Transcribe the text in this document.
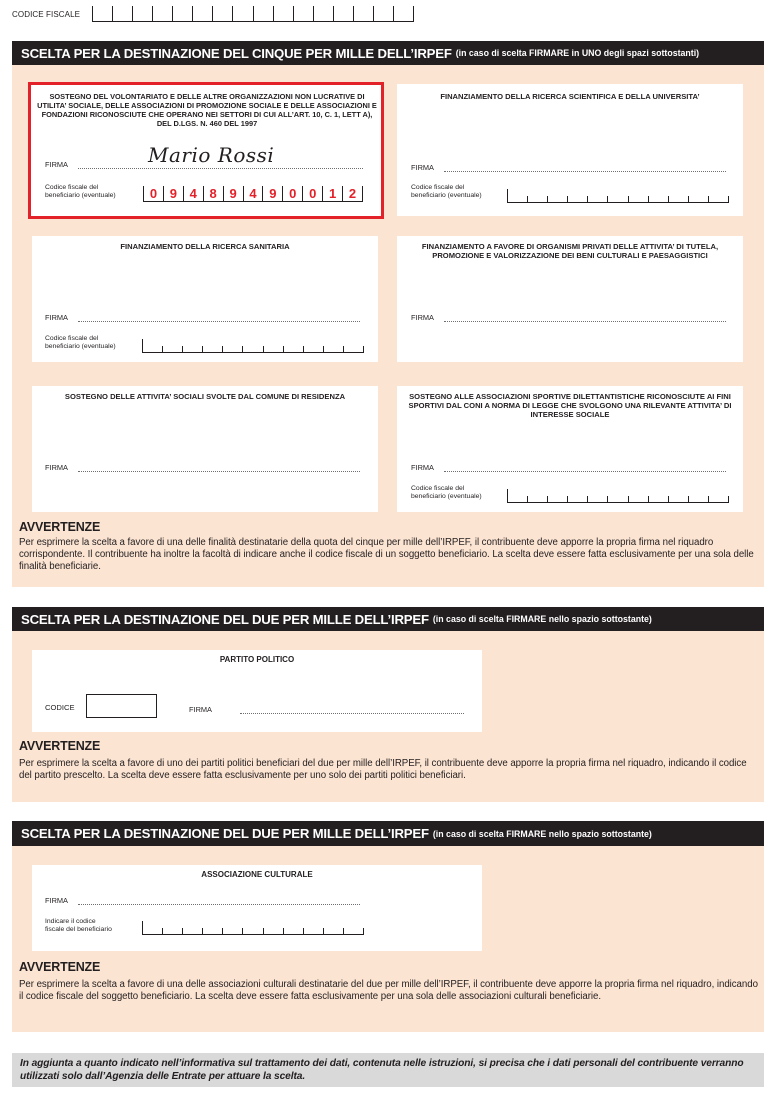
CODICE FISCALE
SCELTA PER LA DESTINAZIONE DEL CINQUE PER MILLE DELL’IRPEF (in caso di scelta FIRMARE in UNO degli spazi sottostanti)
SOSTEGNO DEL VOLONTARIATO E DELLE ALTRE ORGANIZZAZIONI NON LUCRATIVE DI UTILITA’ SOCIALE, DELLE ASSOCIAZIONI DI PROMOZIONE SOCIALE E DELLE ASSOCIAZIONI E FONDAZIONI RICONOSCIUTE CHE OPERANO NEI SETTORI DI CUI ALL’ART. 10, C. 1, LETT A), DEL D.LGS. N. 460 DEL 1997
FIRMA	Mario Rossi
Codice fiscale del
beneficiario (eventuale)	0 9 4 8 9 4 9 0 0 1 2
FINANZIAMENTO DELLA RICERCA SCIENTIFICA E DELLA UNIVERSITA’
FIRMA
Codice fiscale del
beneficiario (eventuale)
FINANZIAMENTO DELLA RICERCA SANITARIA
FIRMA
Codice fiscale del
beneficiario (eventuale)
FINANZIAMENTO A FAVORE DI ORGANISMI PRIVATI DELLE ATTIVITA’ DI TUTELA, PROMOZIONE E VALORIZZAZIONE DEI BENI CULTURALI E PAESAGGISTICI
FIRMA
SOSTEGNO DELLE ATTIVITA’ SOCIALI SVOLTE DAL COMUNE DI RESIDENZA
FIRMA
SOSTEGNO ALLE ASSOCIAZIONI SPORTIVE DILETTANTISTICHE RICONOSCIUTE AI FINI SPORTIVI DAL CONI A NORMA DI LEGGE CHE SVOLGONO UNA RILEVANTE ATTIVITA’ DI INTERESSE SOCIALE
FIRMA
Codice fiscale del
beneficiario (eventuale)
AVVERTENZE
Per esprimere la scelta a favore di una delle finalità destinatarie della quota del cinque per mille dell’IRPEF, il contribuente deve apporre la propria firma nel riquadro corrispondente. Il contribuente ha inoltre la facoltà di indicare anche il codice fiscale di un soggetto beneficiario. La scelta deve essere fatta esclusivamente per una sola delle finalità beneficiarie.
SCELTA PER LA DESTINAZIONE DEL DUE PER MILLE DELL’IRPEF (in caso di scelta FIRMARE nello spazio sottostante)
PARTITO POLITICO
CODICE	FIRMA
AVVERTENZE
Per esprimere la scelta a favore di uno dei partiti politici beneficiari del due per mille dell’IRPEF, il contribuente deve apporre la propria firma nel riquadro, indicando il codice del partito prescelto. La scelta deve essere fatta esclusivamente per uno solo dei partiti politici beneficiari.
SCELTA PER LA DESTINAZIONE DEL DUE PER MILLE DELL’IRPEF (in caso di scelta FIRMARE nello spazio sottostante)
ASSOCIAZIONE CULTURALE
FIRMA
Indicare il codice
fiscale del beneficiario
AVVERTENZE
Per esprimere la scelta a favore di una delle associazioni culturali destinatarie del due per mille dell’IRPEF, il contribuente deve apporre la propria firma nel riquadro, indicando il codice fiscale del soggetto beneficiario. La scelta deve essere fatta esclusivamente per una sola delle associazioni culturali beneficiarie.
In aggiunta a quanto indicato nell’informativa sul trattamento dei dati, contenuta nelle istruzioni, si precisa che i dati personali del contribuente verranno utilizzati solo dall’Agenzia delle Entrate per attuare la scelta.
